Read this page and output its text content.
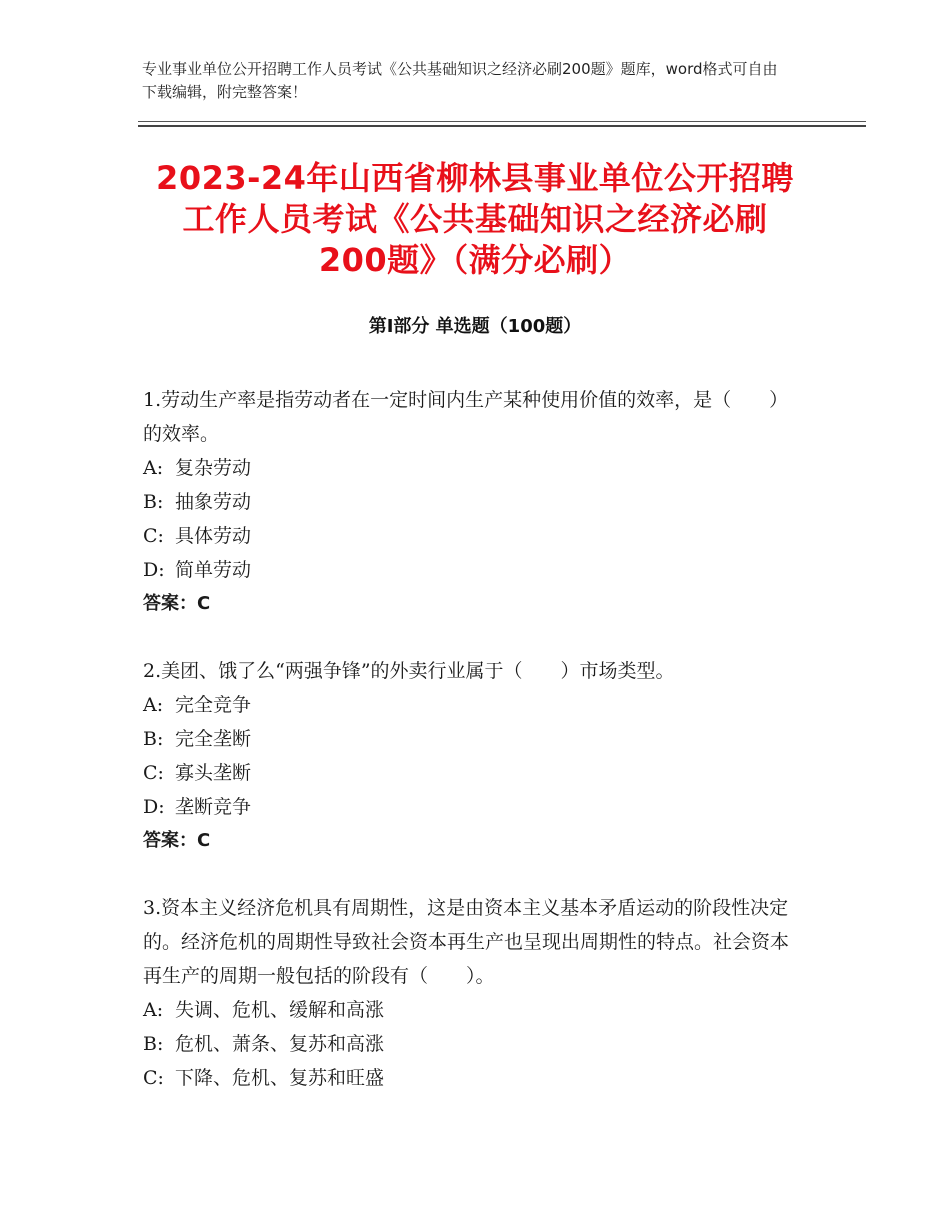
专业事业单位公开招聘工作人员考试《公共基础知识之经济必刷200题》题库，word格式可自由下载编辑，附完整答案！
2023-24年山西省柳林县事业单位公开招聘
工作人员考试《公共基础知识之经济必刷
200题》（满分必刷）
第Ⅰ部分 单选题（100题）

1.劳动生产率是指劳动者在一定时间内生产某种使用价值的效率，是（　　）的效率。

A: 复杂劳动

B: 抽象劳动

C: 具体劳动

D: 简单劳动

答案：C

2.美团、饿了么“两强争锋”的外卖行业属于（　　）市场类型。

A: 完全竞争

B: 完全垄断

C: 寡头垄断

D: 垄断竞争

答案：C

3.资本主义经济危机具有周期性，这是由资本主义基本矛盾运动的阶段性决定的。经济危机的周期性导致社会资本再生产也呈现出周期性的特点。社会资本再生产的周期一般包括的阶段有（　　）。

A: 失调、危机、缓解和高涨

B: 危机、萧条、复苏和高涨

C: 下降、危机、复苏和旺盛
